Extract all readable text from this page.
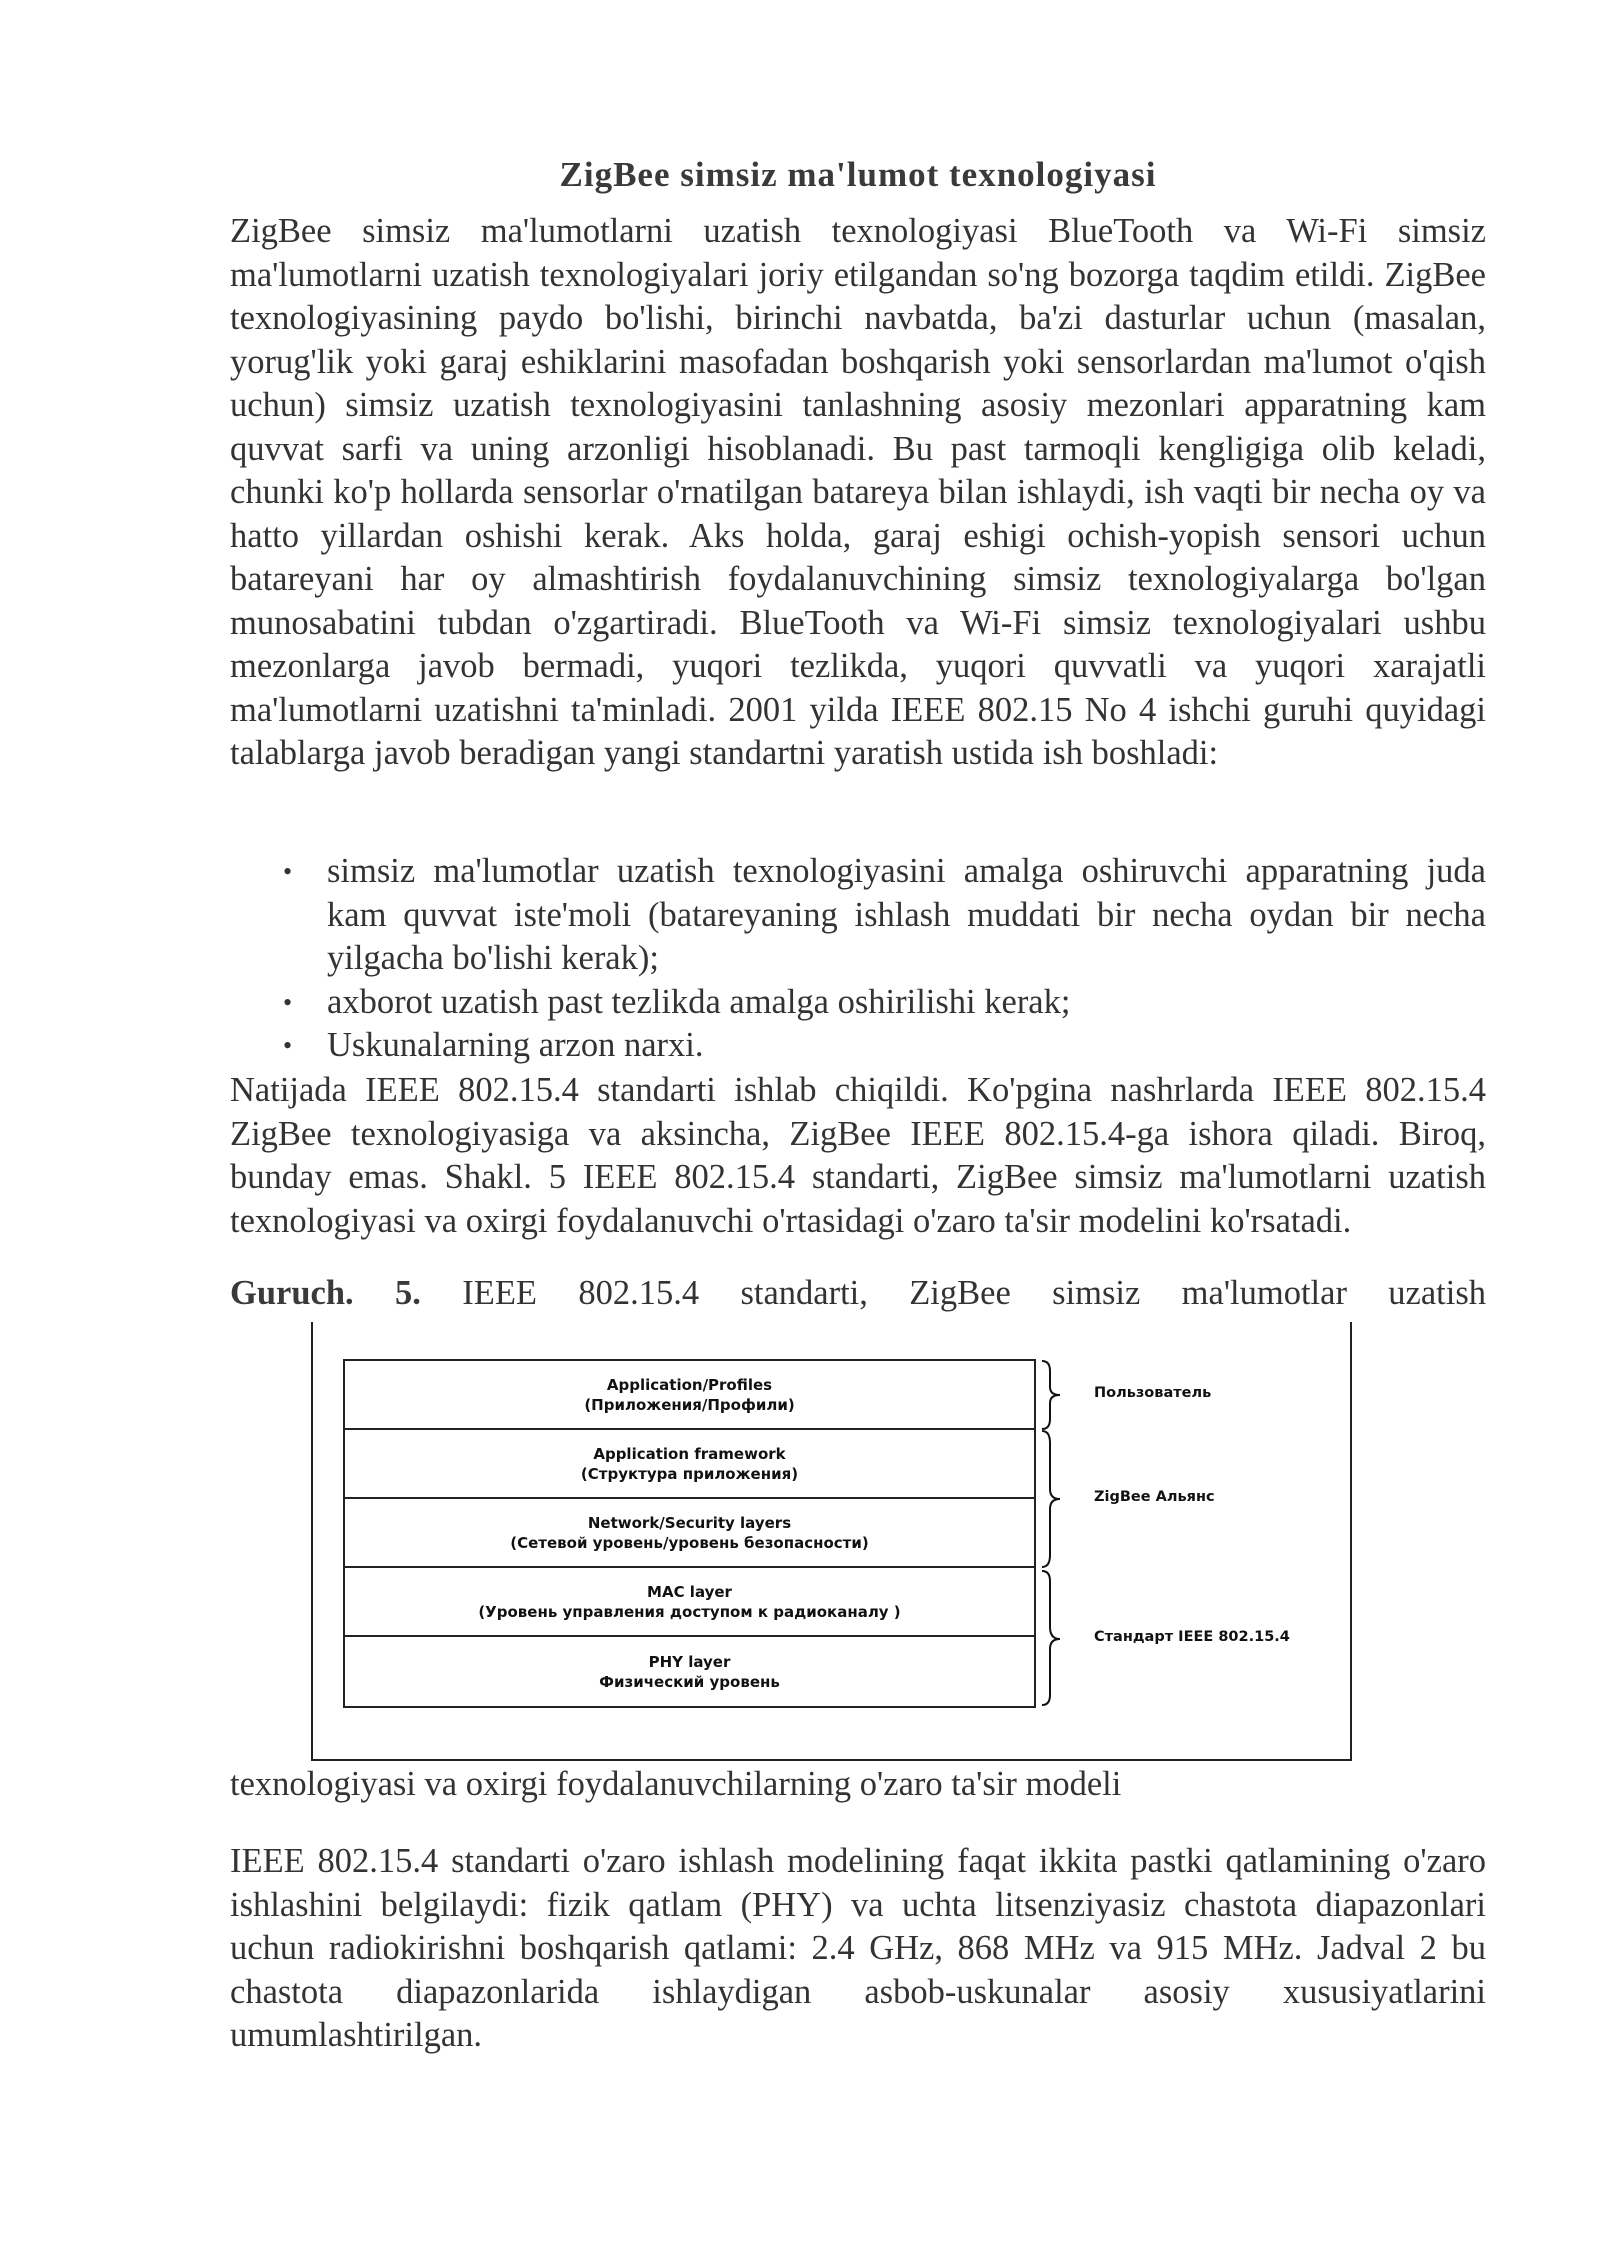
ZigBee simsiz ma'lumot texnologiyasi

ZigBee simsiz ma'lumotlarni uzatish texnologiyasi BlueTooth va Wi-Fi simsiz ma'lumotlarni uzatish texnologiyalari joriy etilgandan so'ng bozorga taqdim etildi. ZigBee texnologiyasining paydo bo'lishi, birinchi navbatda, ba'zi dasturlar uchun (masalan, yorug'lik yoki garaj eshiklarini masofadan boshqarish yoki sensorlardan ma'lumot o'qish uchun) simsiz uzatish texnologiyasini tanlashning asosiy mezonlari apparatning kam quvvat sarfi va uning arzonligi hisoblanadi. Bu past tarmoqli kengligiga olib keladi, chunki ko'p hollarda sensorlar o'rnatilgan batareya bilan ishlaydi, ish vaqti bir necha oy va hatto yillardan oshishi kerak. Aks holda, garaj eshigi ochish-yopish sensori uchun batareyani har oy almashtirish foydalanuvchining simsiz texnologiyalarga bo'lgan munosabatini tubdan o'zgartiradi. BlueTooth va Wi-Fi simsiz texnologiyalari ushbu mezonlarga javob bermadi, yuqori tezlikda, yuqori quvvatli va yuqori xarajatli ma'lumotlarni uzatishni ta'minladi. 2001 yilda IEEE 802.15 No 4 ishchi guruhi quyidagi talablarga javob beradigan yangi standartni yaratish ustida ish boshladi:

• simsiz ma'lumotlar uzatish texnologiyasini amalga oshiruvchi apparatning juda kam quvvat iste'moli (batareyaning ishlash muddati bir necha oydan bir necha yilgacha bo'lishi kerak);
• axborot uzatish past tezlikda amalga oshirilishi kerak;
• Uskunalarning arzon narxi.

Natijada IEEE 802.15.4 standarti ishlab chiqildi. Ko'pgina nashrlarda IEEE 802.15.4 ZigBee texnologiyasiga va aksincha, ZigBee IEEE 802.15.4-ga ishora qiladi. Biroq, bunday emas. Shakl. 5 IEEE 802.15.4 standarti, ZigBee simsiz ma'lumotlarni uzatish texnologiyasi va oxirgi foydalanuvchi o'rtasidagi o'zaro ta'sir modelini ko'rsatadi.

Guruch. 5. IEEE 802.15.4 standarti, ZigBee simsiz ma'lumotlar uzatish

Application/Profiles
(Приложения/Профили)
Application framework
(Структура приложения)
Network/Security layers
(Сетевой уровень/уровень безопасности)
MAC layer
(Уровень управления доступом к радиоканалу )
PHY layer
Физический уровень
Пользователь
ZigBee Альянс
Стандарт IEEE 802.15.4

texnologiyasi va oxirgi foydalanuvchilarning o'zaro ta'sir modeli

IEEE 802.15.4 standarti o'zaro ishlash modelining faqat ikkita pastki qatlamining o'zaro ishlashini belgilaydi: fizik qatlam (PHY) va uchta litsenziyasiz chastota diapazonlari uchun radiokirishni boshqarish qatlami: 2.4 GHz, 868 MHz va 915 MHz. Jadval 2 bu chastota diapazonlarida ishlaydigan asbob-uskunalar asosiy xususiyatlarini umumlashtirilgan.
